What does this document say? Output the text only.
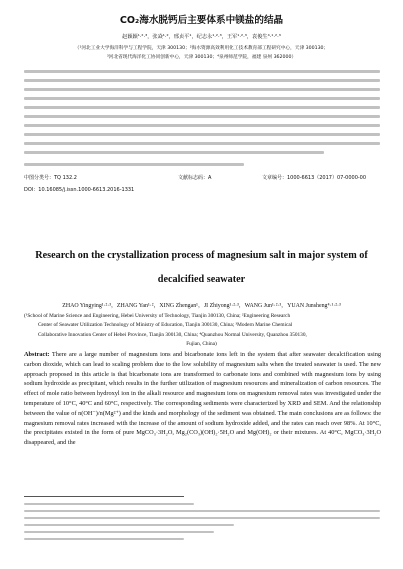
CO₂海水脱钙后主要体系中镁盐的结晶
赵颖颖¹·²·³，张焱¹·²，邢贞平¹，纪志永¹·²·³，王军¹·²·³，袁俊生⁴·¹·²·³
（¹河北工业大学海洋科学与工程学院，天津 300130；²海水资源高效利用化工技术教育部工程研究中心，天津 300130；
³河北省现代海洋化工协同创新中心，天津 300130；⁴泉州师范学院，福建 泉州 362000）
中图分类号：TQ 132.2	文献标志码：A	文章编号：1000-6613（2017）07-0000-00
DOI：10.16085/j.issn.1000-6613.2016-1331
Research on the crystallization process of magnesium salt in major system of decalcified seawater
ZHAO Yingying¹·²·³，ZHANG Yan¹·²，XING Zhengan¹，JI Zhiyong¹·²·³，WANG Jun¹·²·³，YUAN Junsheng⁴·¹·²·³
(¹School of Marine Science and Engineering, Hebei University of Technology, Tianjin 300130, China; ²Engineering Research
Center of Seawater Utilization Technology of Ministry of Education, Tianjin 300130, China; ³Modern Marine Chemical
Collaborative Innovation Center of Hebei Province, Tianjin 300130, China; ⁴Quanzhou Normal University, Quanzhou 350130,
Fujian, China)
Abstract: There are a large number of magnesium ions and bicarbonate ions left in the system that after seawater decalcification using carbon dioxide, which can lead to scaling problem due to the low solubility of magnesium salts when the treated seawater is used. The new approach proposed in this article is that bicarbonate ions are transformed to carbonate ions and combined with magnesium ions by using sodium hydroxide as precipitant, which results in the further utilization of magnesium resources and mineralization of carbon resources. The effect of mole ratio between hydroxyl ion in the alkali resource and magnesium ions on magnesium removal rates was investigated under the temperature of 10°C, 40°C and 60°C, respectively. The corresponding sediments were characterized by XRD and SEM. And the relationship between the value of n(OH⁻)/n(Mg²⁺) and the kinds and morphology of the sediment was obtained. The main conclusions are as follows: the magnesium removal rates increased with the increase of the amount of sodium hydroxide added, and the rates can reach over 98%. At 10°C, the precipitates existed in the form of pure MgCO₃·3H₂O, Mg₂(CO₃)(OH)₂·5H₂O and Mg(OH)₂ or their mixtures. At 40°C, MgCO₃·3H₂O disappeared, and the
